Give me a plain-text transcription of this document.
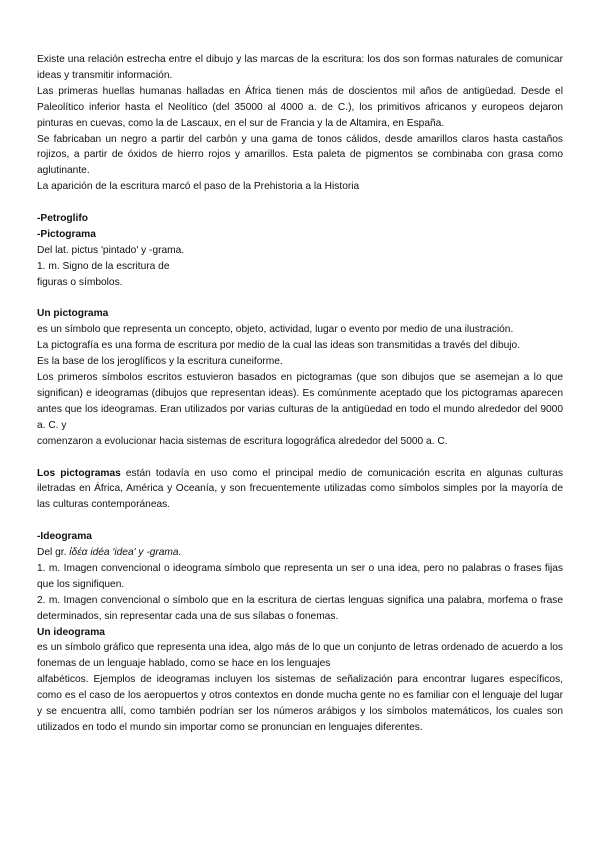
Existe una relación estrecha entre el dibujo y las marcas de la escritura: los dos son formas naturales de comunicar ideas y transmitir información.

Las primeras huellas humanas halladas en África tienen más de doscientos mil años de antigüedad. Desde el Paleolítico inferior hasta el Neolítico (del 35000 al 4000 a. de C.), los primitivos africanos y europeos dejaron pinturas en cuevas, como la de Lascaux, en el sur de Francia y la de Altamira, en España.

Se fabricaban un negro a partir del carbón y una gama de tonos cálidos, desde amarillos claros hasta castaños rojizos, a partir de óxidos de hierro rojos y amarillos. Esta paleta de pigmentos se combinaba con grasa como aglutinante.

La aparición de la escritura marcó el paso de la Prehistoria a la Historia

-Petroglifo

-Pictograma

Del lat. pictus 'pintado' y -grama.

1. m. Signo de la escritura de

figuras o símbolos.

Un pictograma

es un símbolo que representa un concepto, objeto, actividad, lugar o evento por medio de una ilustración.

La pictografía es una forma de escritura por medio de la cual las ideas son transmitidas a través del dibujo.

Es la base de los jeroglíficos y la escritura cuneiforme.

Los primeros símbolos escritos estuvieron basados en pictogramas (que son dibujos que se asemejan a lo que significan) e ideogramas (dibujos que representan ideas). Es comúnmente aceptado que los pictogramas aparecen antes que los ideogramas. Eran utilizados por varias culturas de la antigüedad en todo el mundo alrededor del 9000 a. C. y

comenzaron a evolucionar hacia sistemas de escritura logográfica alrededor del 5000 a. C.

Los pictogramas están todavía en uso como el principal medio de comunicación escrita en algunas culturas iletradas en África, América y Oceanía, y son frecuentemente utilizadas como símbolos simples por la mayoría de las culturas contemporáneas.

-Ideograma

Del gr. ἰδέα idéa 'idea' y -grama.

1. m. Imagen convencional o ideograma símbolo que representa un ser o una idea, pero no palabras o frases fijas que los signifiquen.

2. m. Imagen convencional o símbolo que en la escritura de ciertas lenguas significa una palabra, morfema o frase determinados, sin representar cada una de sus sílabas o fonemas.

Un ideograma

es un símbolo gráfico que representa una idea, algo más de lo que un conjunto de letras ordenado de acuerdo a los fonemas de un lenguaje hablado, como se hace en los lenguajes

alfabéticos. Ejemplos de ideogramas incluyen los sistemas de señalización para encontrar lugares específicos, como es el caso de los aeropuertos y otros contextos en donde mucha gente no es familiar con el lenguaje del lugar y se encuentra allí, como también podrían ser los números arábigos y los símbolos matemáticos, los cuales son utilizados en todo el mundo sin importar como se pronuncian en lenguajes diferentes.
